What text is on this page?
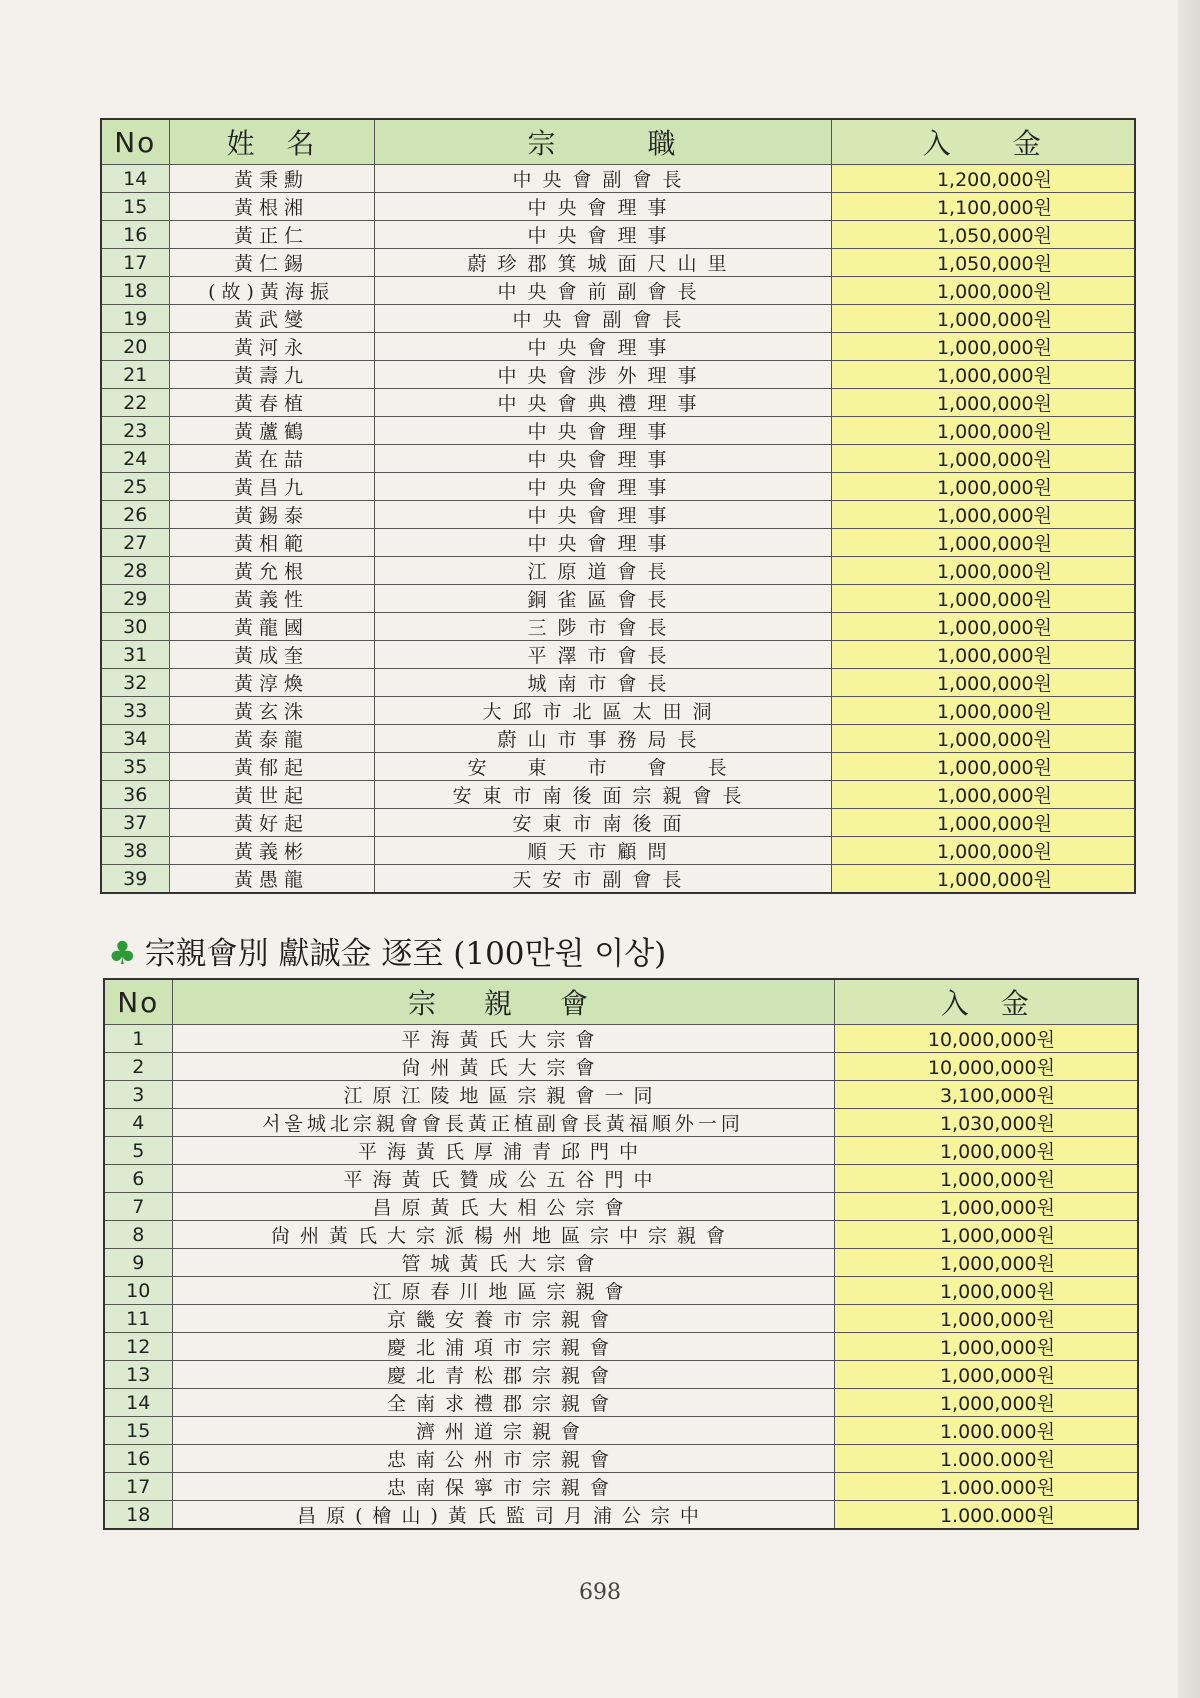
No	姓　名	宗　　　職	入　　金
14	黃秉勳	中央會副會長	1,200,000원
15	黃根湘	中央會理事	1,100,000원
16	黃正仁	中央會理事	1,050,000원
17	黃仁錫	蔚珍郡箕城面尺山里	1,050,000원
18	(故)黃海振	中央會前副會長	1,000,000원
19	黃武燮	中央會副會長	1,000,000원
20	黃河永	中央會理事	1,000,000원
21	黃壽九	中央會涉外理事	1,000,000원
22	黃春植	中央會典禮理事	1,000,000원
23	黃蘆鶴	中央會理事	1,000,000원
24	黃在喆	中央會理事	1,000,000원
25	黃昌九	中央會理事	1,000,000원
26	黃錫泰	中央會理事	1,000,000원
27	黃相範	中央會理事	1,000,000원
28	黃允根	江原道會長	1,000,000원
29	黃義性	銅雀區會長	1,000,000원
30	黃龍國	三陟市會長	1,000,000원
31	黃成奎	平澤市會長	1,000,000원
32	黃淳煥	城南市會長	1,000,000원
33	黃玄洙	大邱市北區太田洞	1,000,000원
34	黃泰龍	蔚山市事務局長	1,000,000원
35	黃郁起	安　東　市　會　長	1,000,000원
36	黃世起	安東市南後面宗親會長	1,000,000원
37	黃好起	安東市南後面	1,000,000원
38	黃義彬	順天市顧問	1,000,000원
39	黃愚龍	天安市副會長	1,000,000원
♣ 宗親會別 獻誠金 逐至 (100만원 이상)
No	宗　親　會	入　金
1	平海黃氏大宗會	10,000,000원
2	尙州黃氏大宗會	10,000,000원
3	江原江陵地區宗親會一同	3,100,000원
4	서울城北宗親會會長黃正植副會長黃福順外一同	1,030,000원
5	平海黃氏厚浦青邱門中	1,000,000원
6	平海黃氏贊成公五谷門中	1,000,000원
7	昌原黃氏大相公宗會	1,000,000원
8	尙州黃氏大宗派楊州地區宗中宗親會	1,000,000원
9	管城黃氏大宗會	1,000,000원
10	江原春川地區宗親會	1,000,000원
11	京畿安養市宗親會	1,000,000원
12	慶北浦項市宗親會	1,000,000원
13	慶北青松郡宗親會	1,000,000원
14	全南求禮郡宗親會	1,000,000원
15	濟州道宗親會	1.000.000원
16	忠南公州市宗親會	1.000.000원
17	忠南保寧市宗親會	1.000.000원
18	昌原(檜山)黃氏監司月浦公宗中	1.000.000원
698
